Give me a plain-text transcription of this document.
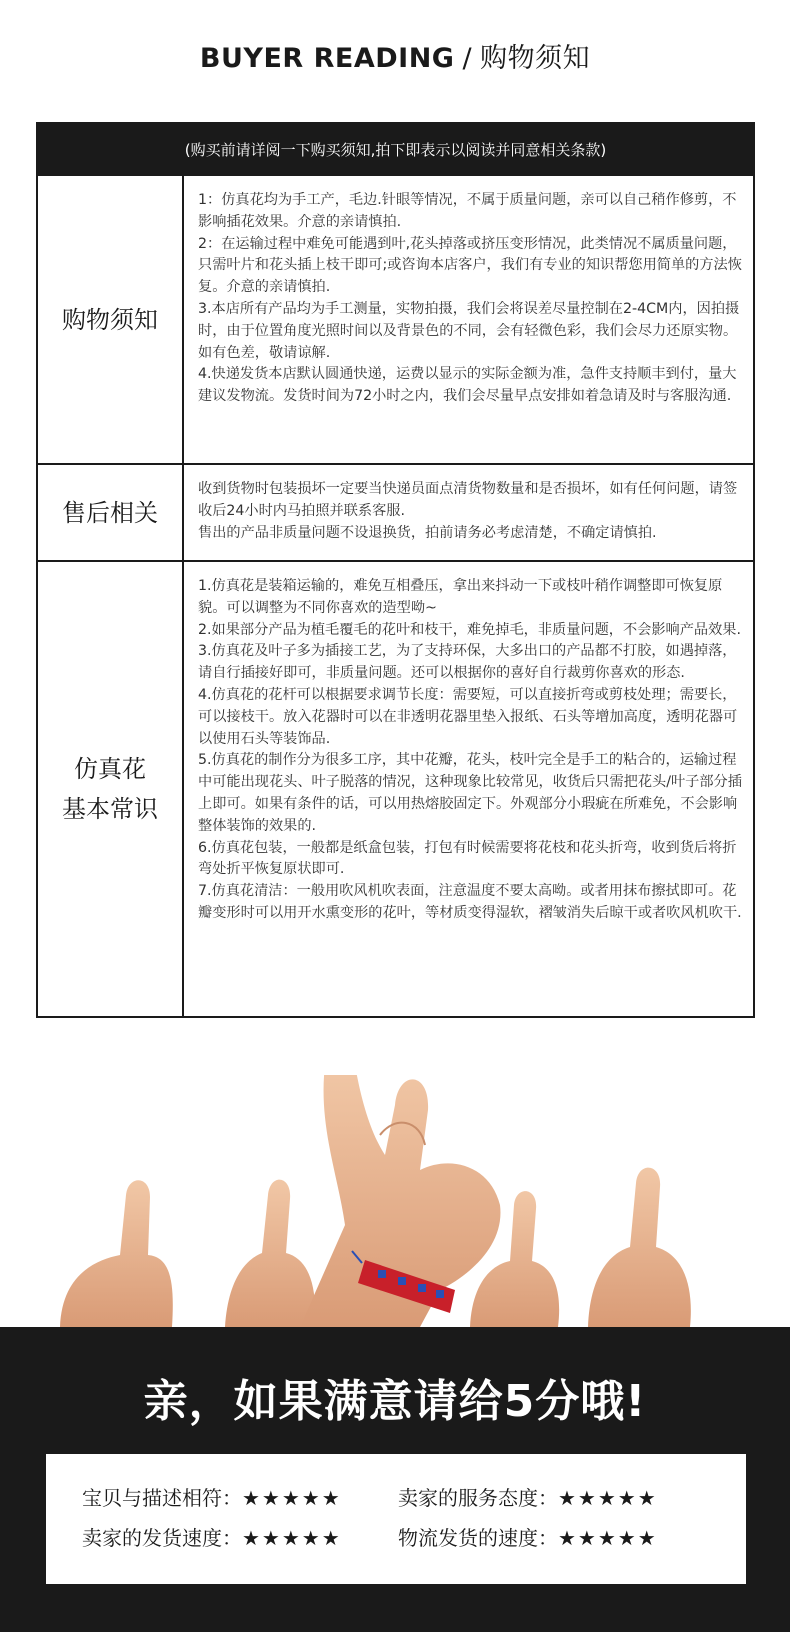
BUYER READING / 购物须知
(购买前请详阅一下购买须知,拍下即表示以阅读并同意相关条款)
购物须知

1：仿真花均为手工产，毛边.针眼等情况，不属于质量问题，亲可以自己稍作修剪，不影响插花效果。介意的亲请慎拍.

2：在运输过程中难免可能遇到叶,花头掉落或挤压变形情况，此类情况不属质量问题， 只需叶片和花头插上枝干即可;或咨询本店客户，我们有专业的知识帮您用简单的方法恢复。介意的亲请慎拍.

3.本店所有产品均为手工测量，实物拍摄，我们会将误差尽量控制在2-4CM内，因拍摄时，由于位置角度光照时间以及背景色的不同，会有轻微色彩，我们会尽力还原实物。如有色差，敬请谅解.

4.快递发货本店默认圆通快递，运费以显示的实际金额为准，急件支持顺丰到付，量大建议发物流。发货时间为72小时之内，我们会尽量早点安排如着急请及时与客服沟通.

售后相关

收到货物时包装损坏一定要当快递员面点清货物数量和是否损坏，如有任何问题，请签收后24小时内马拍照并联系客服.

售出的产品非质量问题不设退换货，拍前请务必考虑清楚，不确定请慎拍.

仿真花
基本常识

1.仿真花是装箱运输的，难免互相叠压，拿出来抖动一下或枝叶稍作调整即可恢复原貌。可以调整为不同你喜欢的造型呦~

2.如果部分产品为植毛覆毛的花叶和枝干，难免掉毛，非质量问题，不会影响产品效果.

3.仿真花及叶子多为插接工艺，为了支持环保，大多出口的产品都不打胶，如遇掉落，请自行插接好即可，非质量问题。还可以根据你的喜好自行裁剪你喜欢的形态.

4.仿真花的花杆可以根据要求调节长度：需要短，可以直接折弯或剪枝处理；需要长，可以接枝干。放入花器时可以在非透明花器里垫入报纸、石头等增加高度，透明花器可以使用石头等装饰品.

5.仿真花的制作分为很多工序，其中花瓣，花头，枝叶完全是手工的粘合的，运输过程中可能出现花头、叶子脱落的情况，这种现象比较常见，收货后只需把花头/叶子部分插上即可。如果有条件的话，可以用热熔胶固定下。外观部分小瑕疵在所难免，不会影响整体装饰的效果的.

6.仿真花包装，一般都是纸盒包装，打包有时候需要将花枝和花头折弯，收到货后将折弯处折平恢复原状即可.

7.仿真花清洁：一般用吹风机吹表面，注意温度不要太高呦。或者用抹布擦拭即可。花瓣变形时可以用开水熏变形的花叶，等材质变得湿软，褶皱消失后晾干或者吹风机吹干.

亲，如果满意请给5分哦!
宝贝与描述相符：★★★★★	卖家的服务态度：★★★★★
卖家的发货速度：★★★★★	物流发货的速度：★★★★★
